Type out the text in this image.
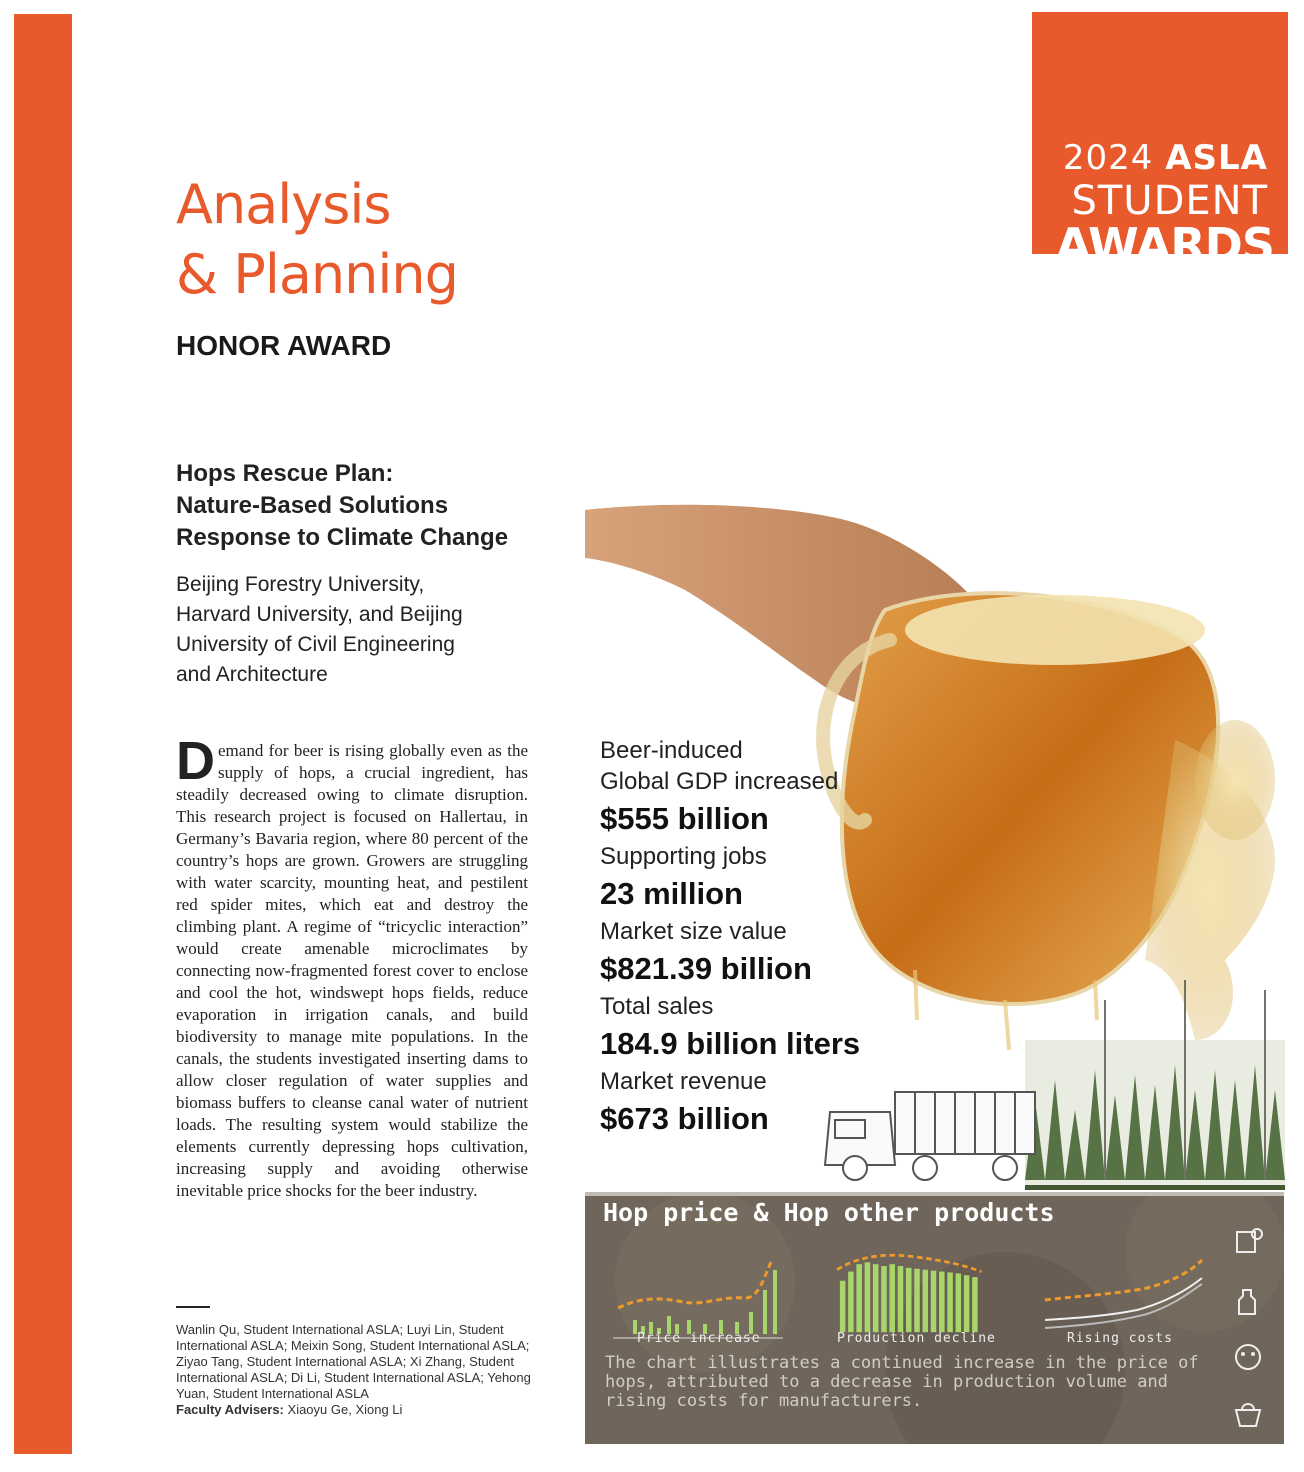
2024 ASLA
STUDENT
AWARDS
Analysis
& Planning
HONOR AWARD
Hops Rescue Plan:
Nature-Based Solutions
Response to Climate Change

Beijing Forestry University,
Harvard University, and Beijing
University of Civil Engineering
and Architecture

Demand for beer is rising globally even as the supply of hops, a crucial ingredient, has steadily decreased owing to climate disruption. This research project is focused on Hallertau, in Germany’s Bavaria region, where 80 percent of the country’s hops are grown. Growers are struggling with water scarcity, mounting heat, and pestilent red spider mites, which eat and destroy the climbing plant. A regime of “tricyclic interaction” would create amenable microclimates by connecting now-fragmented forest cover to enclose and cool the hot, windswept hops fields, reduce evaporation in irrigation canals, and build biodiversity to manage mite populations. In the canals, the students investigated inserting dams to allow closer regulation of water supplies and biomass buffers to cleanse canal water of nutrient loads. The resulting system would stabilize the elements currently depressing hops cultivation, increasing supply and avoiding otherwise inevitable price shocks for the beer industry.

Wanlin Qu, Student International ASLA; Luyi Lin, Student International ASLA; Meixin Song, Student International ASLA; Ziyao Tang, Student International ASLA; Xi Zhang, Student International ASLA; Di Li, Student International ASLA; Yehong Yuan, Student International ASLA
Faculty Advisers: Xiaoyu Ge, Xiong Li

Beer-induced
Global GDP increased
$555 billion
Supporting jobs
23 million
Market size value
$821.39 billion
Total sales
184.9 billion liters
Market revenue
$673 billion
Hop price & Hop other products
Price increase	Production decline	Rising costs

The chart illustrates a continued increase in the price of hops, attributed to a decrease in production volume and rising costs for manufacturers.
